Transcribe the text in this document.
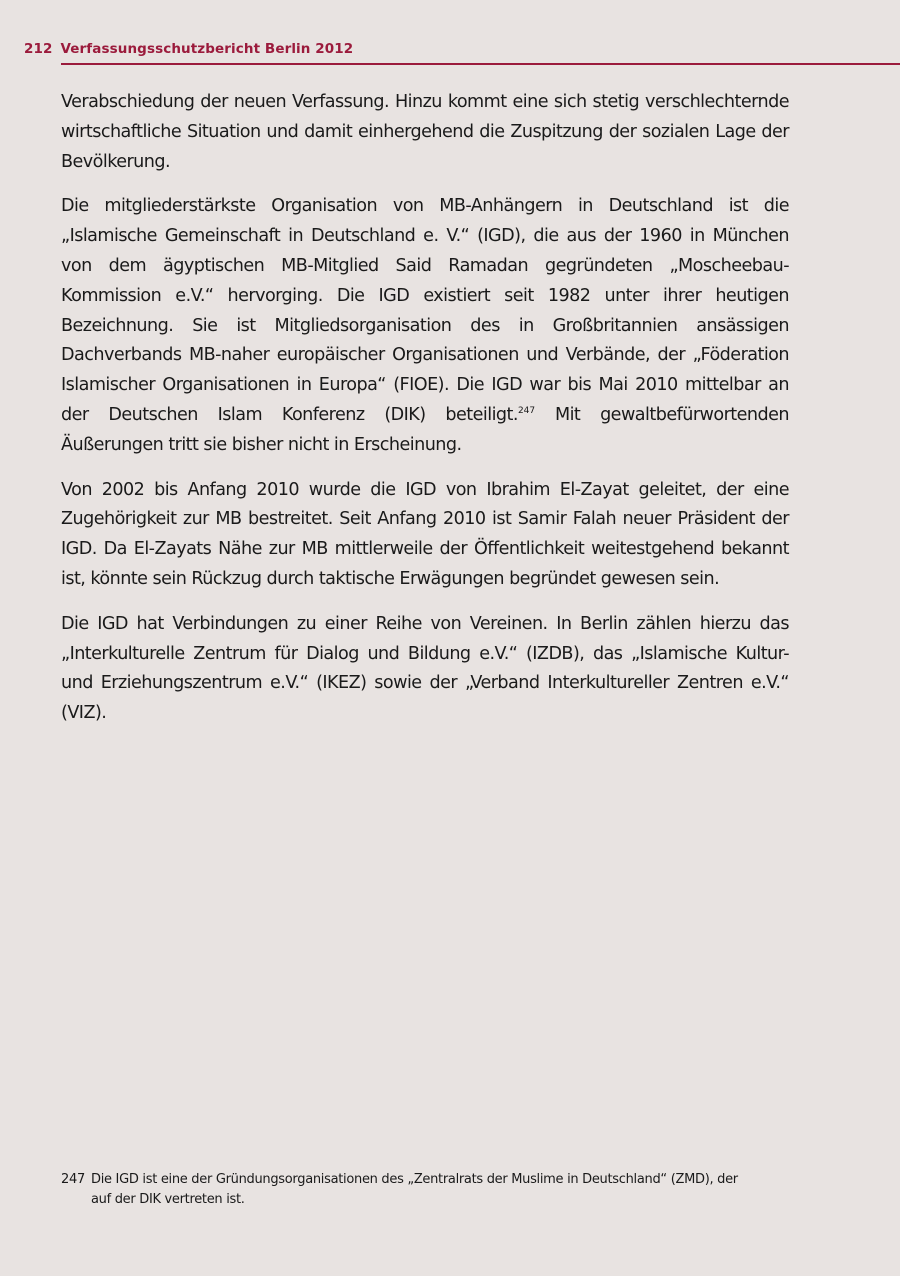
212 Verfassungsschutzbericht Berlin 2012

Verabschiedung der neuen Verfassung. Hinzu kommt eine sich stetig verschlechternde wirtschaftliche Situation und damit einhergehend die Zuspitzung der sozialen Lage der Bevölkerung.

Die mitgliederstärkste Organisation von MB-Anhängern in Deutschland ist die „Islamische Gemeinschaft in Deutschland e. V.“ (IGD), die aus der 1960 in München von dem ägyptischen MB-Mitglied Said Ramadan gegründeten „Moscheebau-Kommission e.V.“ hervorging. Die IGD existiert seit 1982 unter ihrer heutigen Bezeichnung. Sie ist Mitgliedsorganisation des in Großbritannien ansässigen Dachverbands MB-naher europäischer Organisationen und Verbände, der „Föderation Islamischer Organisationen in Europa“ (FIOE). Die IGD war bis Mai 2010 mittelbar an der Deutschen Islam Konferenz (DIK) beteiligt.$^{247}$ Mit gewaltbefürwortenden Äußerungen tritt sie bisher nicht in Erscheinung.

Von 2002 bis Anfang 2010 wurde die IGD von Ibrahim El-Zayat geleitet, der eine Zugehörigkeit zur MB bestreitet. Seit Anfang 2010 ist Samir Falah neuer Präsident der IGD. Da El-Zayats Nähe zur MB mittlerweile der Öffentlichkeit weitestgehend bekannt ist, könnte sein Rückzug durch taktische Erwägungen begründet gewesen sein.

Die IGD hat Verbindungen zu einer Reihe von Vereinen. In Berlin zählen hierzu das „Interkulturelle Zentrum für Dialog und Bildung e.V.“ (IZDB), das „Islamische Kultur- und Erziehungszentrum e.V.“ (IKEZ) sowie der „Verband Interkultureller Zentren e.V.“ (VIZ).

247 Die IGD ist eine der Gründungsorganisationen des „Zentralrats der Muslime in Deutschland“ (ZMD), der auf der DIK vertreten ist.
